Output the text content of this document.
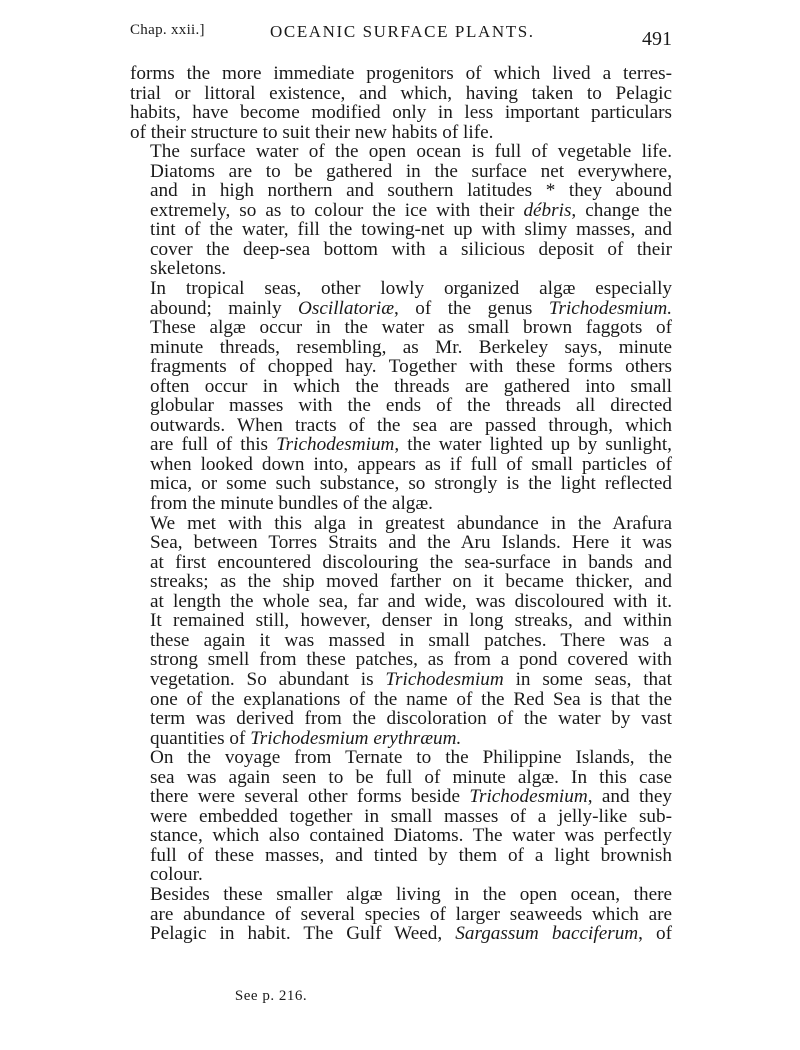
Chap. xxii.]	OCEANIC SURFACE PLANTS.	491

forms the more immediate progenitors of which lived a terres-
trial or littoral existence, and which, having taken to Pelagic
habits, have become modified only in less important particulars
of their structure to suit their new habits of life.

The surface water of the open ocean is full of vegetable life.
Diatoms are to be gathered in the surface net everywhere,
and in high northern and southern latitudes * they abound
extremely, so as to colour the ice with their débris, change the
tint of the water, fill the towing-net up with slimy masses, and
cover the deep-sea bottom with a silicious deposit of their
skeletons.

In tropical seas, other lowly organized algæ especially
abound; mainly Oscillatoriæ, of the genus Trichodesmium.
These algæ occur in the water as small brown faggots of
minute threads, resembling, as Mr. Berkeley says, minute
fragments of chopped hay. Together with these forms others
often occur in which the threads are gathered into small
globular masses with the ends of the threads all directed
outwards. When tracts of the sea are passed through, which
are full of this Trichodesmium, the water lighted up by sunlight,
when looked down into, appears as if full of small particles of
mica, or some such substance, so strongly is the light reflected
from the minute bundles of the algæ.

We met with this alga in greatest abundance in the Arafura
Sea, between Torres Straits and the Aru Islands. Here it was
at first encountered discolouring the sea-surface in bands and
streaks; as the ship moved farther on it became thicker, and
at length the whole sea, far and wide, was discoloured with it.
It remained still, however, denser in long streaks, and within
these again it was massed in small patches. There was a
strong smell from these patches, as from a pond covered with
vegetation. So abundant is Trichodesmium in some seas, that
one of the explanations of the name of the Red Sea is that the
term was derived from the discoloration of the water by vast
quantities of Trichodesmium erythræum.

On the voyage from Ternate to the Philippine Islands, the
sea was again seen to be full of minute algæ. In this case
there were several other forms beside Trichodesmium, and they
were embedded together in small masses of a jelly-like sub-
stance, which also contained Diatoms. The water was perfectly
full of these masses, and tinted by them of a light brownish
colour.

Besides these smaller algæ living in the open ocean, there
are abundance of several species of larger seaweeds which are
Pelagic in habit. The Gulf Weed, Sargassum bacciferum, of

See p. 216.
